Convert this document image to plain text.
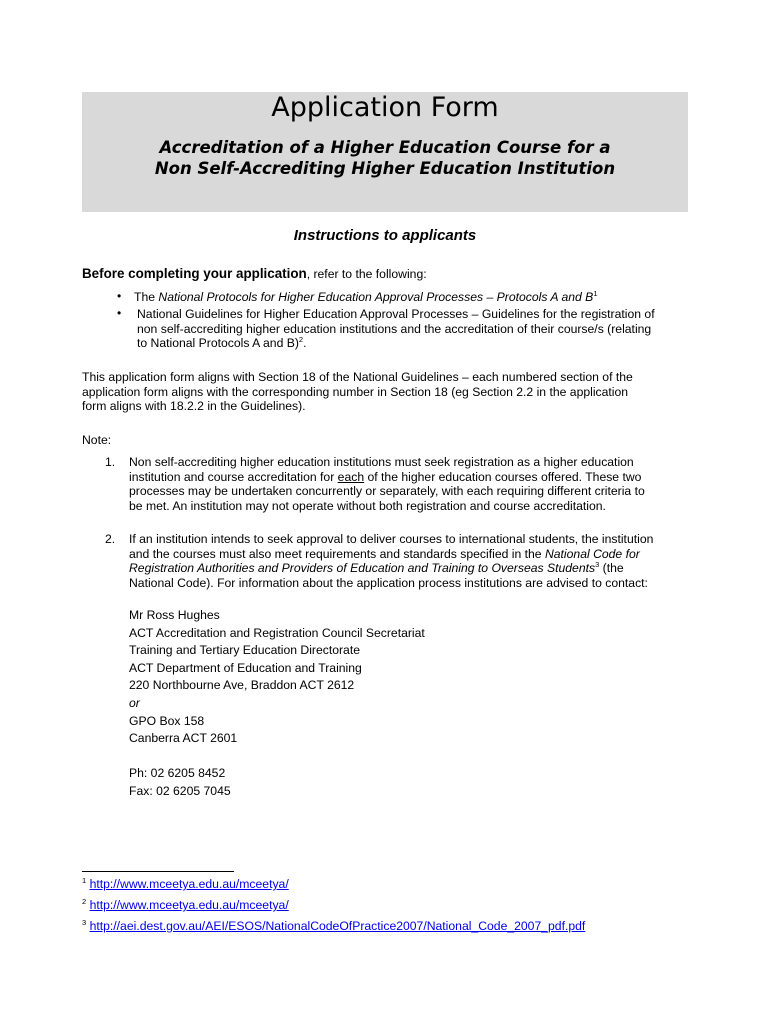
Application Form
Accreditation of a Higher Education Course for a
Non Self-Accrediting Higher Education Institution
Instructions to applicants
Before completing your application, refer to the following:
• The National Protocols for Higher Education Approval Processes – Protocols A and $B^1$
• National Guidelines for Higher Education Approval Processes – Guidelines for the registration of
non self-accrediting higher education institutions and the accreditation of their course/s (relating
to National Protocols A and B)$^2$.
This application form aligns with Section 18 of the National Guidelines – each numbered section of the
application form aligns with the corresponding number in Section 18 (eg Section 2.2 in the application
form aligns with 18.2.2 in the Guidelines).
Note:
1. Non self-accrediting higher education institutions must seek registration as a higher education
institution and course accreditation for each of the higher education courses offered. These two
processes may be undertaken concurrently or separately, with each requiring different criteria to
be met. An institution may not operate without both registration and course accreditation.
2. If an institution intends to seek approval to deliver courses to international students, the institution
and the courses must also meet requirements and standards specified in the National Code for
Registration Authorities and Providers of Education and Training to Overseas Students$^3$ (the
National Code). For information about the application process institutions are advised to contact:
Mr Ross Hughes
ACT Accreditation and Registration Council Secretariat
Training and Tertiary Education Directorate
ACT Department of Education and Training
220 Northbourne Ave, Braddon ACT 2612
or
GPO Box 158
Canberra ACT 2601
Ph: 02 6205 8452
Fax: 02 6205 7045
$^1$ http://www.mceetya.edu.au/mceetya/
$^2$ http://www.mceetya.edu.au/mceetya/
$^3$ http://aei.dest.gov.au/AEI/ESOS/NationalCodeOfPractice2007/National_Code_2007_pdf.pdf
